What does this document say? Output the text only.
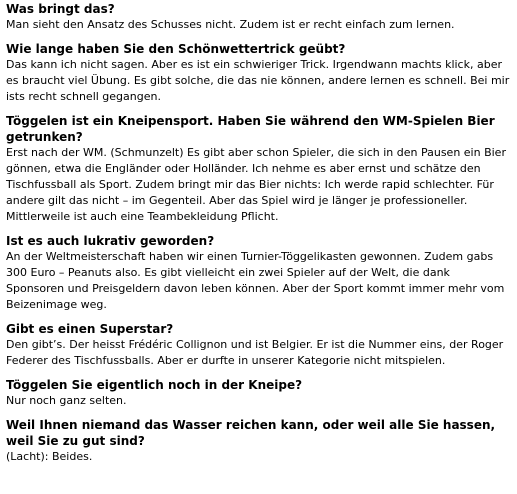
Was bringt das?

Man sieht den Ansatz des Schusses nicht. Zudem ist er recht einfach zum lernen.

Wie lange haben Sie den Schönwettertrick geübt?

Das kann ich nicht sagen. Aber es ist ein schwieriger Trick. Irgendwann machts klick, aber es braucht viel Übung. Es gibt solche, die das nie können, andere lernen es schnell. Bei mir ists recht schnell gegangen.

Töggelen ist ein Kneipensport. Haben Sie während den WM-Spielen Bier getrunken?

Erst nach der WM. (Schmunzelt) Es gibt aber schon Spieler, die sich in den Pausen ein Bier gönnen, etwa die Engländer oder Holländer. Ich nehme es aber ernst und schätze den Tischfussball als Sport. Zudem bringt mir das Bier nichts: Ich werde rapid schlechter. Für andere gilt das nicht – im Gegenteil. Aber das Spiel wird je länger je professioneller. Mittlerweile ist auch eine Teambekleidung Pflicht.

Ist es auch lukrativ geworden?

An der Weltmeisterschaft haben wir einen Turnier-Töggelikasten gewonnen. Zudem gabs 300 Euro – Peanuts also. Es gibt vielleicht ein zwei Spieler auf der Welt, die dank Sponsoren und Preisgeldern davon leben können. Aber der Sport kommt immer mehr vom Beizenimage weg.

Gibt es einen Superstar?

Den gibt’s. Der heisst Frédéric Collignon und ist Belgier. Er ist die Nummer eins, der Roger Federer des Tischfussballs. Aber er durfte in unserer Kategorie nicht mitspielen.

Töggelen Sie eigentlich noch in der Kneipe?

Nur noch ganz selten.

Weil Ihnen niemand das Wasser reichen kann, oder weil alle Sie hassen, weil Sie zu gut sind?

(Lacht): Beides.
